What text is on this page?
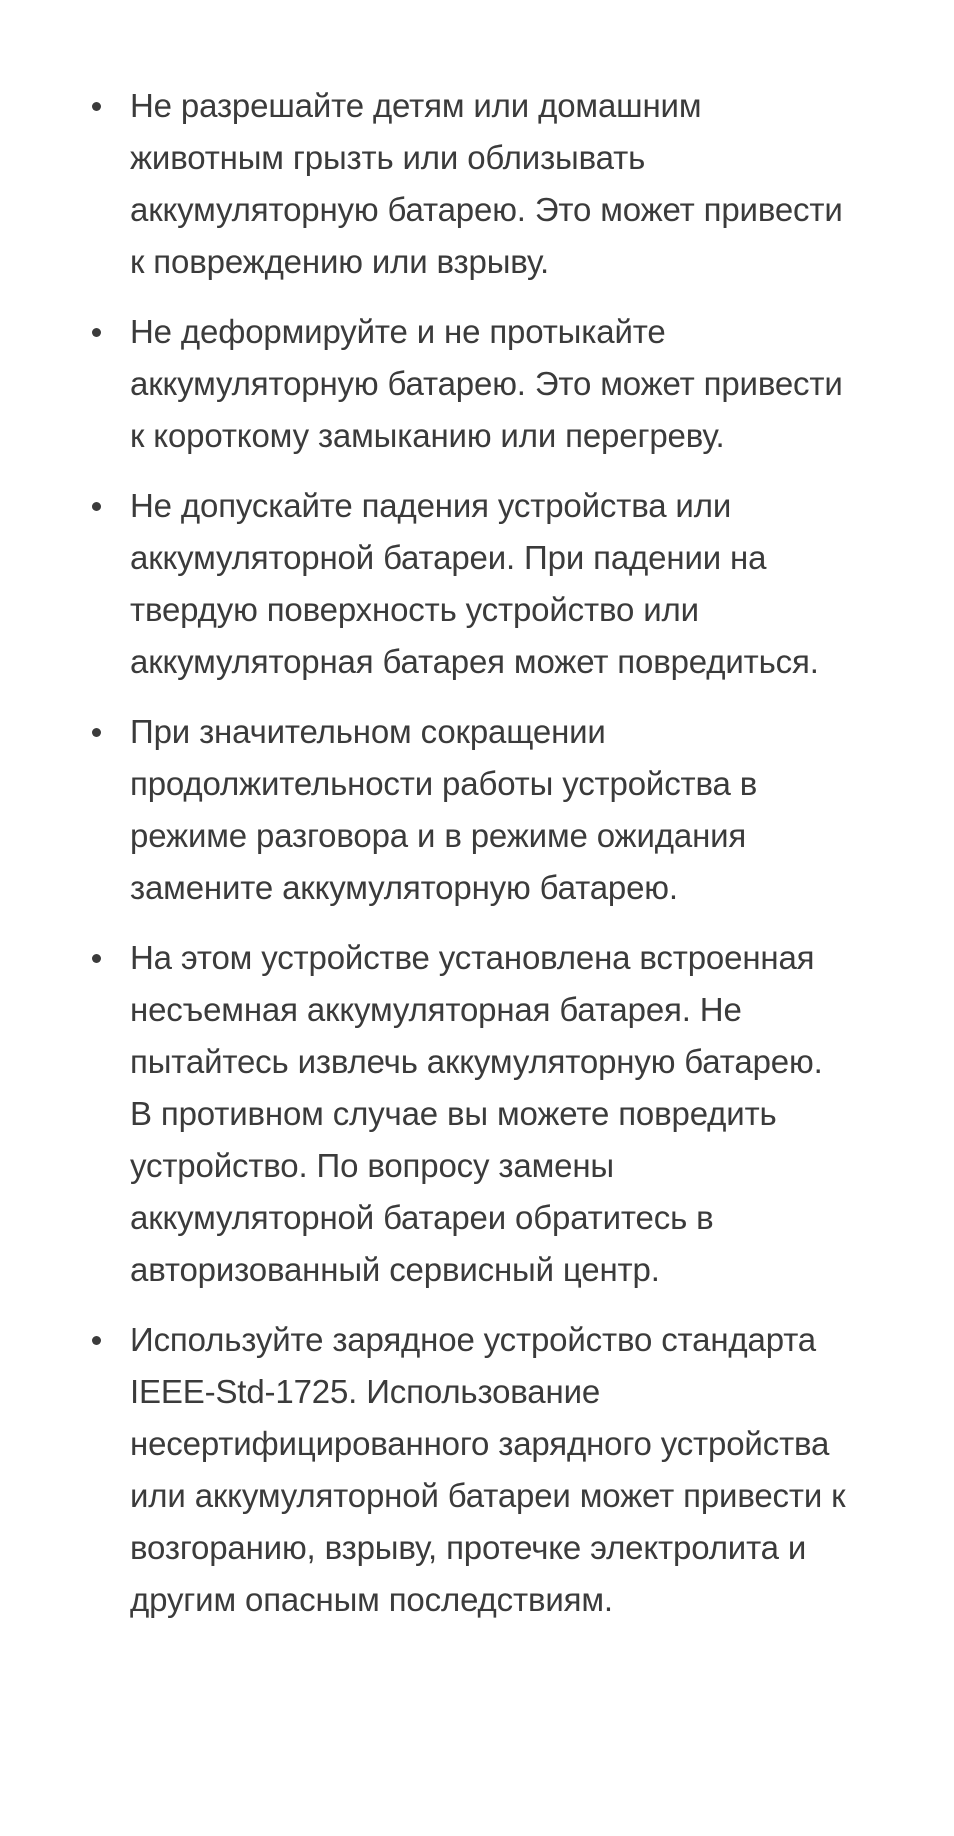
Не разрешайте детям или домашним
животным грызть или облизывать
аккумуляторную батарею. Это может привести
к повреждению или взрыву.
Не деформируйте и не протыкайте
аккумуляторную батарею. Это может привести
к короткому замыканию или перегреву.
Не допускайте падения устройства или
аккумуляторной батареи. При падении на
твердую поверхность устройство или
аккумуляторная батарея может повредиться.
При значительном сокращении
продолжительности работы устройства в
режиме разговора и в режиме ожидания
замените аккумуляторную батарею.
На этом устройстве установлена встроенная
несъемная аккумуляторная батарея. Не
пытайтесь извлечь аккумуляторную батарею.
В противном случае вы можете повредить
устройство. По вопросу замены
аккумуляторной батареи обратитесь в
авторизованный сервисный центр.
Используйте зарядное устройство стандарта
IEEE-Std-1725. Использование
несертифицированного зарядного устройства
или аккумуляторной батареи может привести к
возгоранию, взрыву, протечке электролита и
другим опасным последствиям.
